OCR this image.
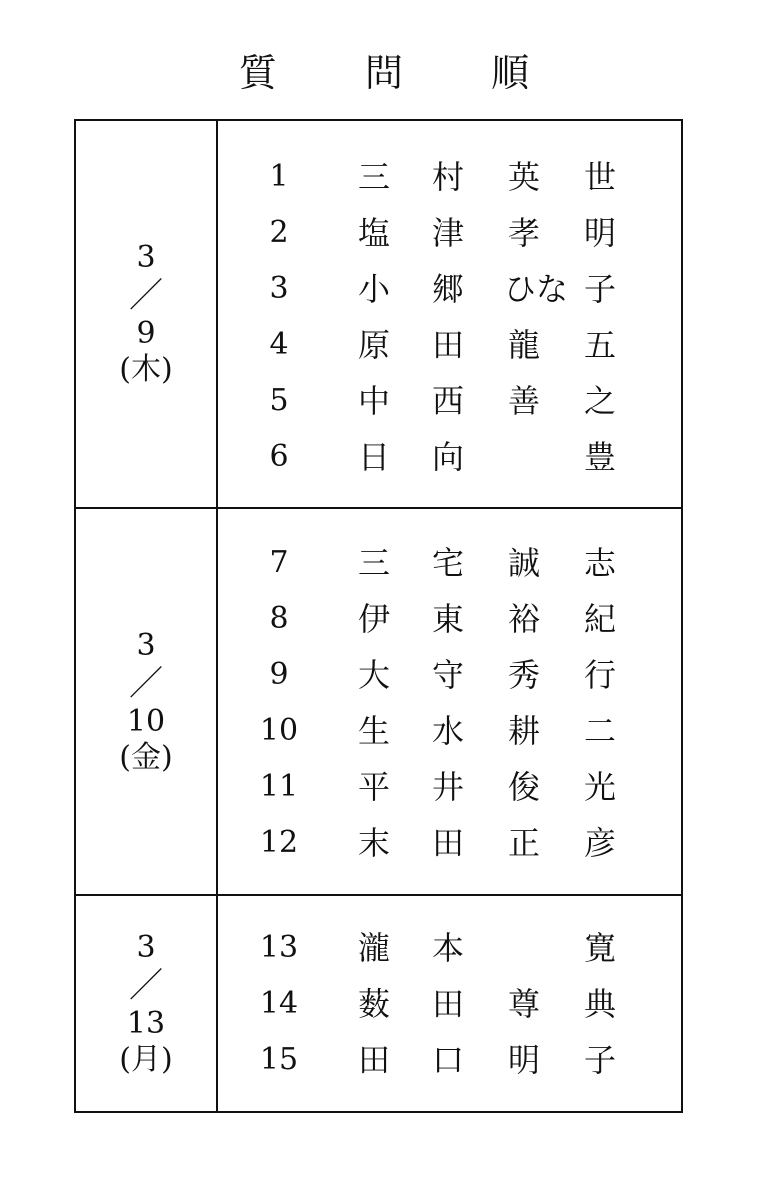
質 問 順
3
／
9
(木)
1	三 村 英 世
2	塩 津 孝 明
3	小 郷 ひな 子
4	原 田 龍 五
5	中 西 善 之
6	日 向	豊
3
／
10
(金)
7	三 宅 誠 志
8	伊 東 裕 紀
9	大 守 秀 行
10 生 水 耕 二
11 平 井 俊 光
12 末 田 正 彦
3
／
13
(月)
13 瀧 本	寛
14 薮 田 尊 典
15 田 口 明 子
